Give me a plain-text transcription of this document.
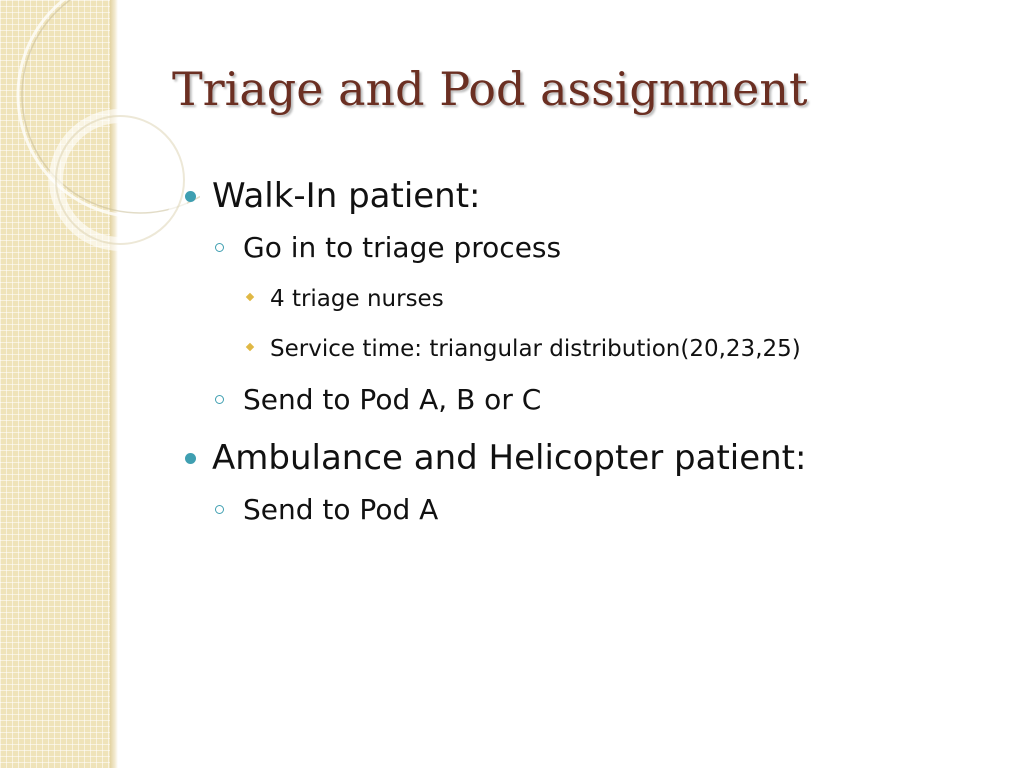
Triage and Pod assignment
Walk-In patient:
Go in to triage process
4 triage nurses
Service time: triangular distribution(20,23,25)
Send to Pod A, B or C
Ambulance and Helicopter patient:
Send to Pod A
